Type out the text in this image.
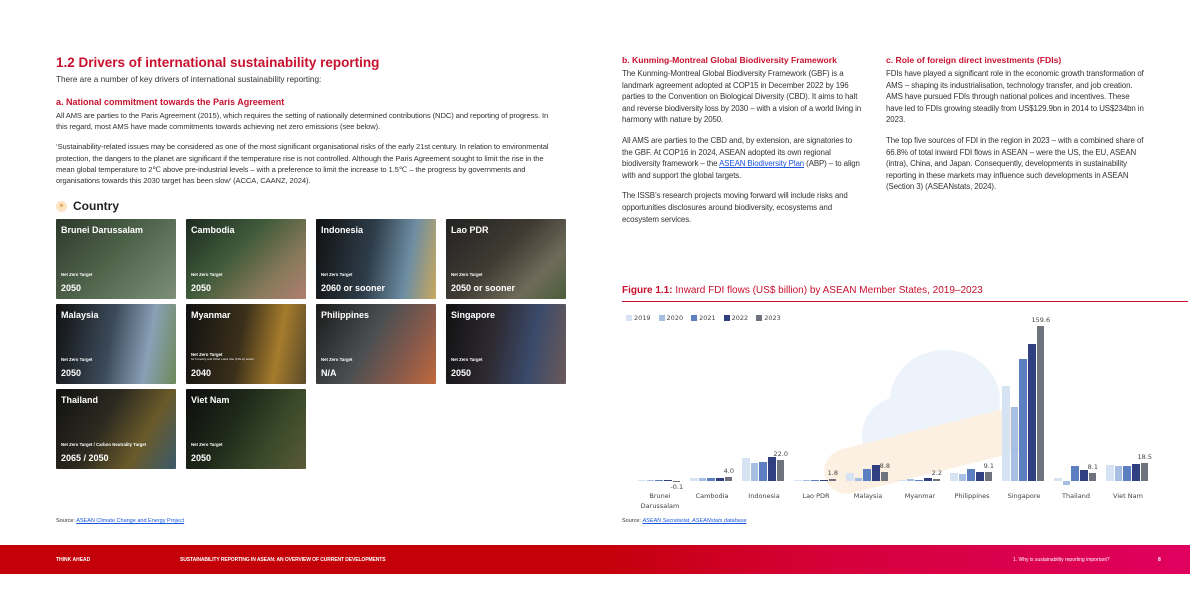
1.2 Drivers of international sustainability reporting
There are a number of key drivers of international sustainability reporting:
a. National commitment towards the Paris Agreement
All AMS are parties to the Paris Agreement (2015), which requires the setting of nationally determined contributions (NDC) and reporting of progress. In this regard, most AMS have made commitments towards achieving net zero emissions (see below).
‘Sustainability-related issues may be considered as one of the most significant organisational risks of the early 21st century. In relation to environmental protection, the dangers to the planet are significant if the temperature rise is not controlled. Although the Paris Agreement sought to limit the rise in the mean global temperature to 2℃ above pre-industrial levels – with a preference to limit the increase to 1.5℃ – the progress by governments and organisations towards this 2030 target has been slow’ (ACCA, CAANZ, 2024).
⚑ Country
Brunei Darussalam
Net Zero Target
2050
Cambodia
Net Zero Target
2050
Indonesia
Net Zero Target
2060 or sooner
Lao PDR
Net Zero Target
2050 or sooner
Malaysia
Net Zero Target
2050
Myanmar
Net Zero Target
for Forestry and Other Land Use (FOLU) sector
2040
Philippines
Net Zero Target
N/A
Singapore
Net Zero Target
2050
Thailand
Net Zero Target / Carbon Neutrality Target
2065 / 2050
Viet Nam
Net Zero Target
2050
Source: ASEAN Climate Change and Energy Project
b. Kunming-Montreal Global Biodiversity Framework
The Kunming-Montreal Global Biodiversity Framework (GBF) is a landmark agreement adopted at COP15 in December 2022 by 196 parties to the Convention on Biological Diversity (CBD). It aims to halt and reverse biodiversity loss by 2030 – with a vision of a world living in harmony with nature by 2050.
All AMS are parties to the CBD and, by extension, are signatories to the GBF. At COP16 in 2024, ASEAN adopted its own regional biodiversity framework – the ASEAN Biodiversity Plan (ABP) – to align with and support the global targets.
The ISSB’s research projects moving forward will include risks and opportunities disclosures around biodiversity, ecosystems and ecosystem services.
c. Role of foreign direct investments (FDIs)
FDIs have played a significant role in the economic growth transformation of AMS – shaping its industrialisation, technology transfer, and job creation. AMS have pursued FDIs through national polices and incentives. These have led to FDIs growing steadily from US$129.9bn in 2014 to US$234bn in 2023.
The top five sources of FDI in the region in 2023 – with a combined share of 66.8% of total inward FDI flows in ASEAN – were the US, the EU, ASEAN (intra), China, and Japan. Consequently, developments in sustainability reporting in these markets may influence such developments in ASEAN (Section 3) (ASEANstats, 2024).
Figure 1.1: Inward FDI flows (US$ billion) by ASEAN Member States, 2019–2023
2019	2020	2021	2022	2023
-0.1
Brunei Darussalam
4.0
Cambodia
22.0
Indonesia
1.8
Lao PDR
8.8
Malaysia
2.2
Myanmar
9.1
Philippines
159.6
Singapore
8.1
Thailand
18.5
Viet Nam
Source: ASEAN Secretariat, ASEANstats database
THINK AHEAD	SUSTAINABILITY REPORTING IN ASEAN: AN OVERVIEW OF CURRENT DEVELOPMENTS	1. Why is sustainability reporting important?	8
